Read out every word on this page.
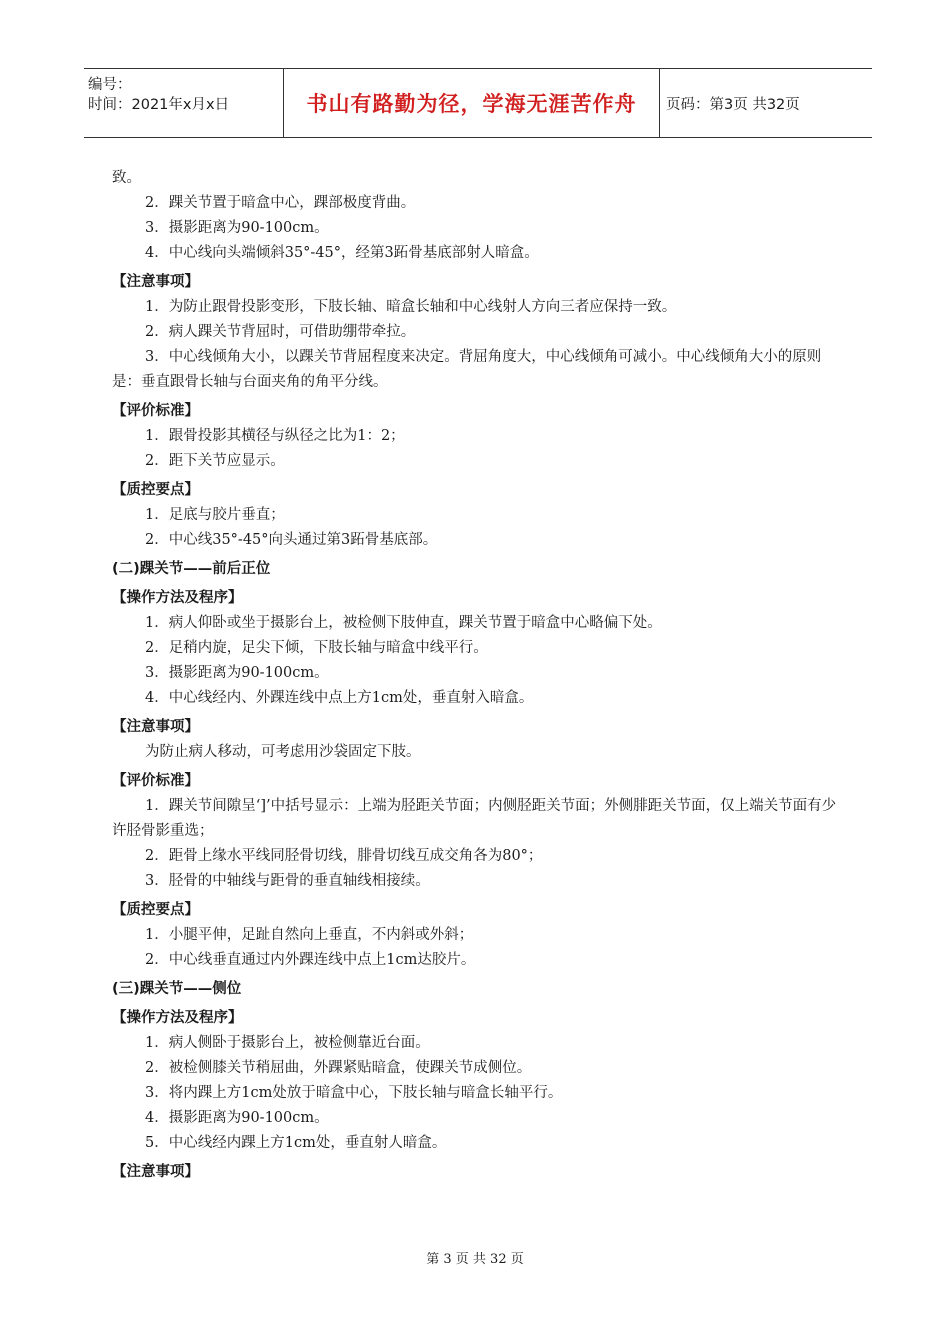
编号：
时间：2021年x月x日	书山有路勤为径，学海无涯苦作舟	页码：第3页 共32页
致。
2．踝关节置于暗盒中心，踝部极度背曲。
3．摄影距离为90-100cm。
4．中心线向头端倾斜35°-45°，经第3跖骨基底部射人暗盒。
【注意事项】
1．为防止跟骨投影变形，下肢长轴、暗盒长轴和中心线射人方向三者应保持一致。
2．病人踝关节背屈时，可借助绷带牵拉。
3．中心线倾角大小，以踝关节背屈程度来决定。背屈角度大，中心线倾角可减小。中心线倾角大小的原则是：垂直跟骨长轴与台面夹角的角平分线。
【评价标准】
1．跟骨投影其横径与纵径之比为1：2；
2．距下关节应显示。
【质控要点】
1．足底与胶片垂直；
2．中心线35°-45°向头通过第3跖骨基底部。
(二)踝关节——前后正位
【操作方法及程序】
1．病人仰卧或坐于摄影台上，被检侧下肢伸直，踝关节置于暗盒中心略偏下处。
2．足稍内旋，足尖下倾，下肢长轴与暗盒中线平行。
3．摄影距离为90-100cm。
4．中心线经内、外踝连线中点上方1cm处，垂直射入暗盒。
【注意事项】
为防止病人移动，可考虑用沙袋固定下肢。
【评价标准】
1．踝关节间隙呈‘]’中括号显示：上端为胫距关节面；内侧胫距关节面；外侧腓距关节面，仅上端关节面有少许胫骨影重选；
2．距骨上缘水平线同胫骨切线，腓骨切线互成交角各为80°；
3．胫骨的中轴线与距骨的垂直轴线相接续。
【质控要点】
1．小腿平伸，足趾自然向上垂直，不内斜或外斜；
2．中心线垂直通过内外踝连线中点上1cm达胶片。
(三)踝关节——侧位
【操作方法及程序】
1．病人侧卧于摄影台上，被检侧靠近台面。
2．被检侧膝关节稍屈曲，外踝紧贴暗盒，使踝关节成侧位。
3．将内踝上方1cm处放于暗盒中心，下肢长轴与暗盒长轴平行。
4．摄影距离为90-100cm。
5．中心线经内踝上方1cm处，垂直射人暗盒。
【注意事项】
第 3 页 共 32 页
